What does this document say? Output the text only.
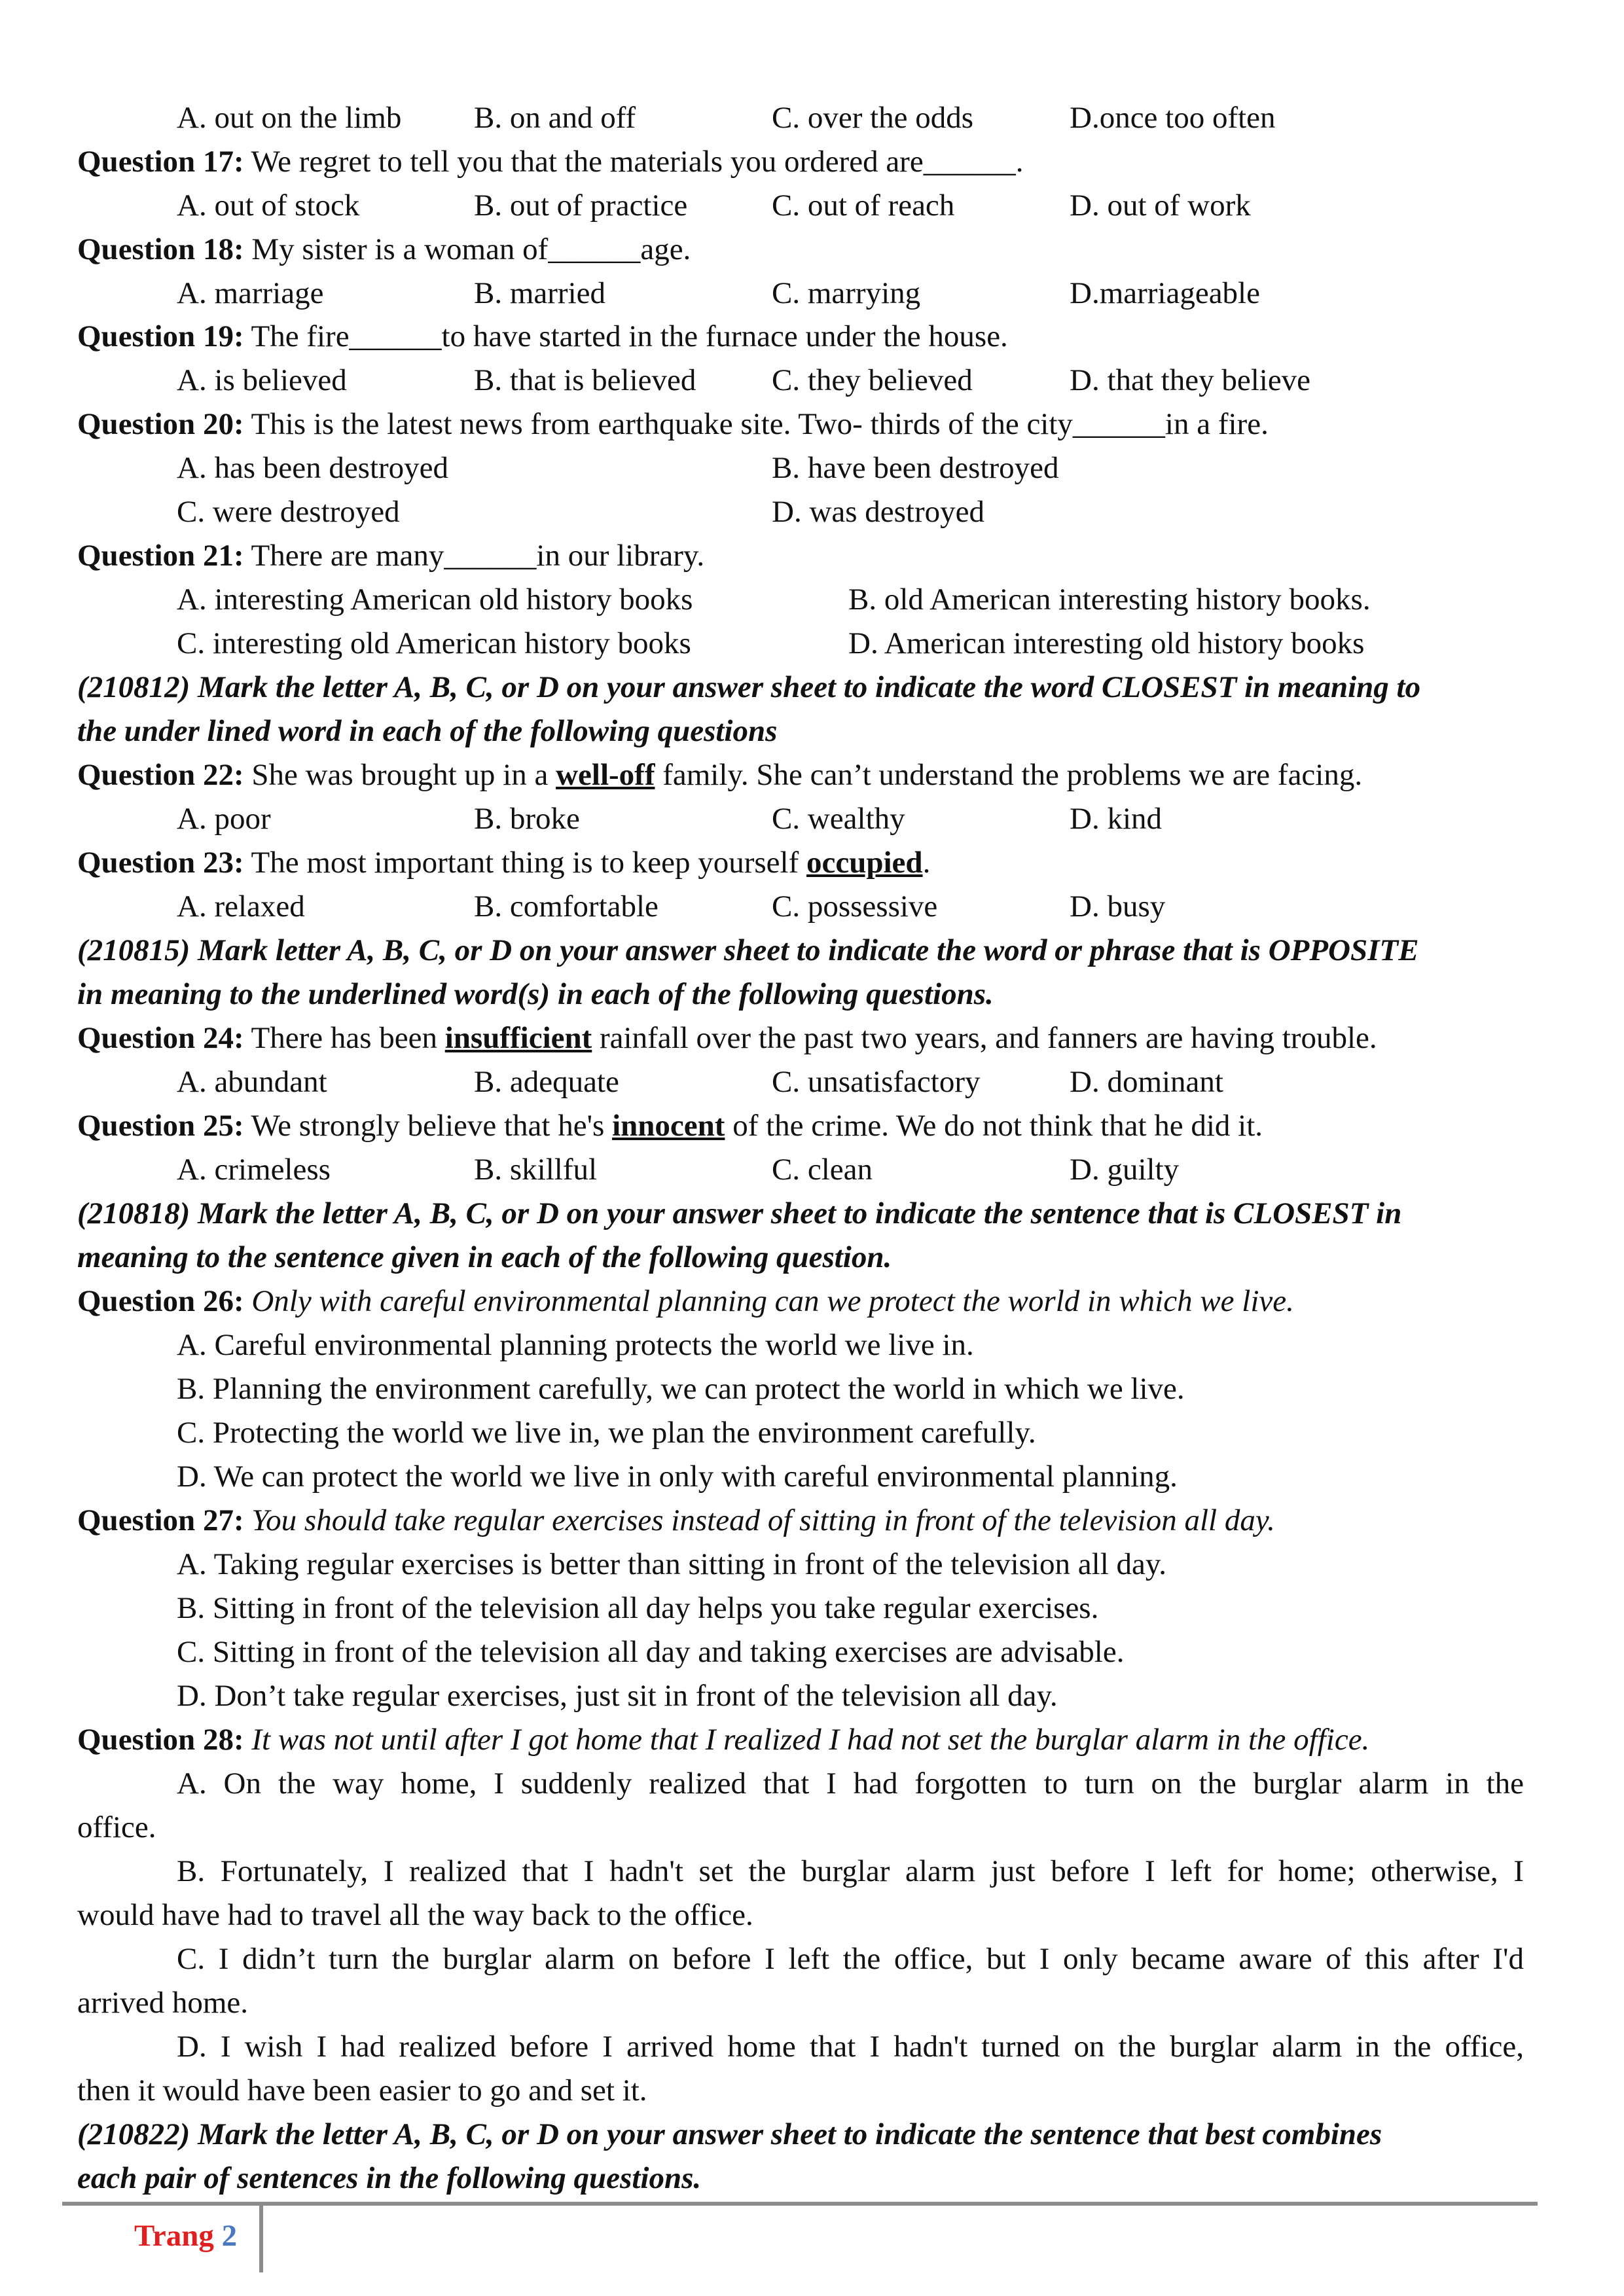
A. out on the limb B. on and off	C. over the odds	D.once too often
Question 17: We regret to tell you that the materials you ordered are______.
A. out of stock	B. out of practice	C. out of reach	D. out of work
Question 18: My sister is a woman of______age.
A. marriage	B. married	C. marrying	D.marriageable
Question 19: The fire______to have started in the furnace under the house.
A. is believed	B. that is believed C. they believed	D. that they believe
Question 20: This is the latest news from earthquake site. Two- thirds of the city______in a fire.
A. has been destroyed	B. have been destroyed
C. were destroyed	D. was destroyed
Question 21: There are many______in our library.
A. interesting American old history books	B. old American interesting history books.
C. interesting old American history books	D. American interesting old history books
(210812) Mark the letter A, B, C, or D on your answer sheet to indicate the word CLOSEST in meaning to
the under lined word in each of the following questions
Question 22: She was brought up in a well-off family. She can’t understand the problems we are facing.
A. poor	B. broke	C. wealthy	D. kind
Question 23: The most important thing is to keep yourself occupied.
A. relaxed	B. comfortable	C. possessive	D. busy
(210815) Mark letter A, B, C, or D on your answer sheet to indicate the word or phrase that is OPPOSITE
in meaning to the underlined word(s) in each of the following questions.
Question 24: There has been insufficient rainfall over the past two years, and fanners are having trouble.
A. abundant	B. adequate	C. unsatisfactory	D. dominant
Question 25: We strongly believe that he's innocent of the crime. We do not think that he did it.
A. crimeless	B. skillful	C. clean	D. guilty
(210818) Mark the letter A, B, C, or D on your answer sheet to indicate the sentence that is CLOSEST in
meaning to the sentence given in each of the following question.
Question 26: Only with careful environmental planning can we protect the world in which we live.
A. Careful environmental planning protects the world we live in.
B. Planning the environment carefully, we can protect the world in which we live.
C. Protecting the world we live in, we plan the environment carefully.
D. We can protect the world we live in only with careful environmental planning.
Question 27: You should take regular exercises instead of sitting in front of the television all day.
A. Taking regular exercises is better than sitting in front of the television all day.
B. Sitting in front of the television all day helps you take regular exercises.
C. Sitting in front of the television all day and taking exercises are advisable.
D. Don’t take regular exercises, just sit in front of the television all day.
Question 28: It was not until after I got home that I realized I had not set the burglar alarm in the office.
A. On the way home, I suddenly realized that I had forgotten to turn on the burglar alarm in the
office.
B. Fortunately, I realized that I hadn't set the burglar alarm just before I left for home; otherwise, I
would have had to travel all the way back to the office.
C. I didn’t turn the burglar alarm on before I left the office, but I only became aware of this after I'd
arrived home.
D. I wish I had realized before I arrived home that I hadn't turned on the burglar alarm in the office,
then it would have been easier to go and set it.
(210822) Mark the letter A, B, C, or D on your answer sheet to indicate the sentence that best combines
each pair of sentences in the following questions.
Trang 2
